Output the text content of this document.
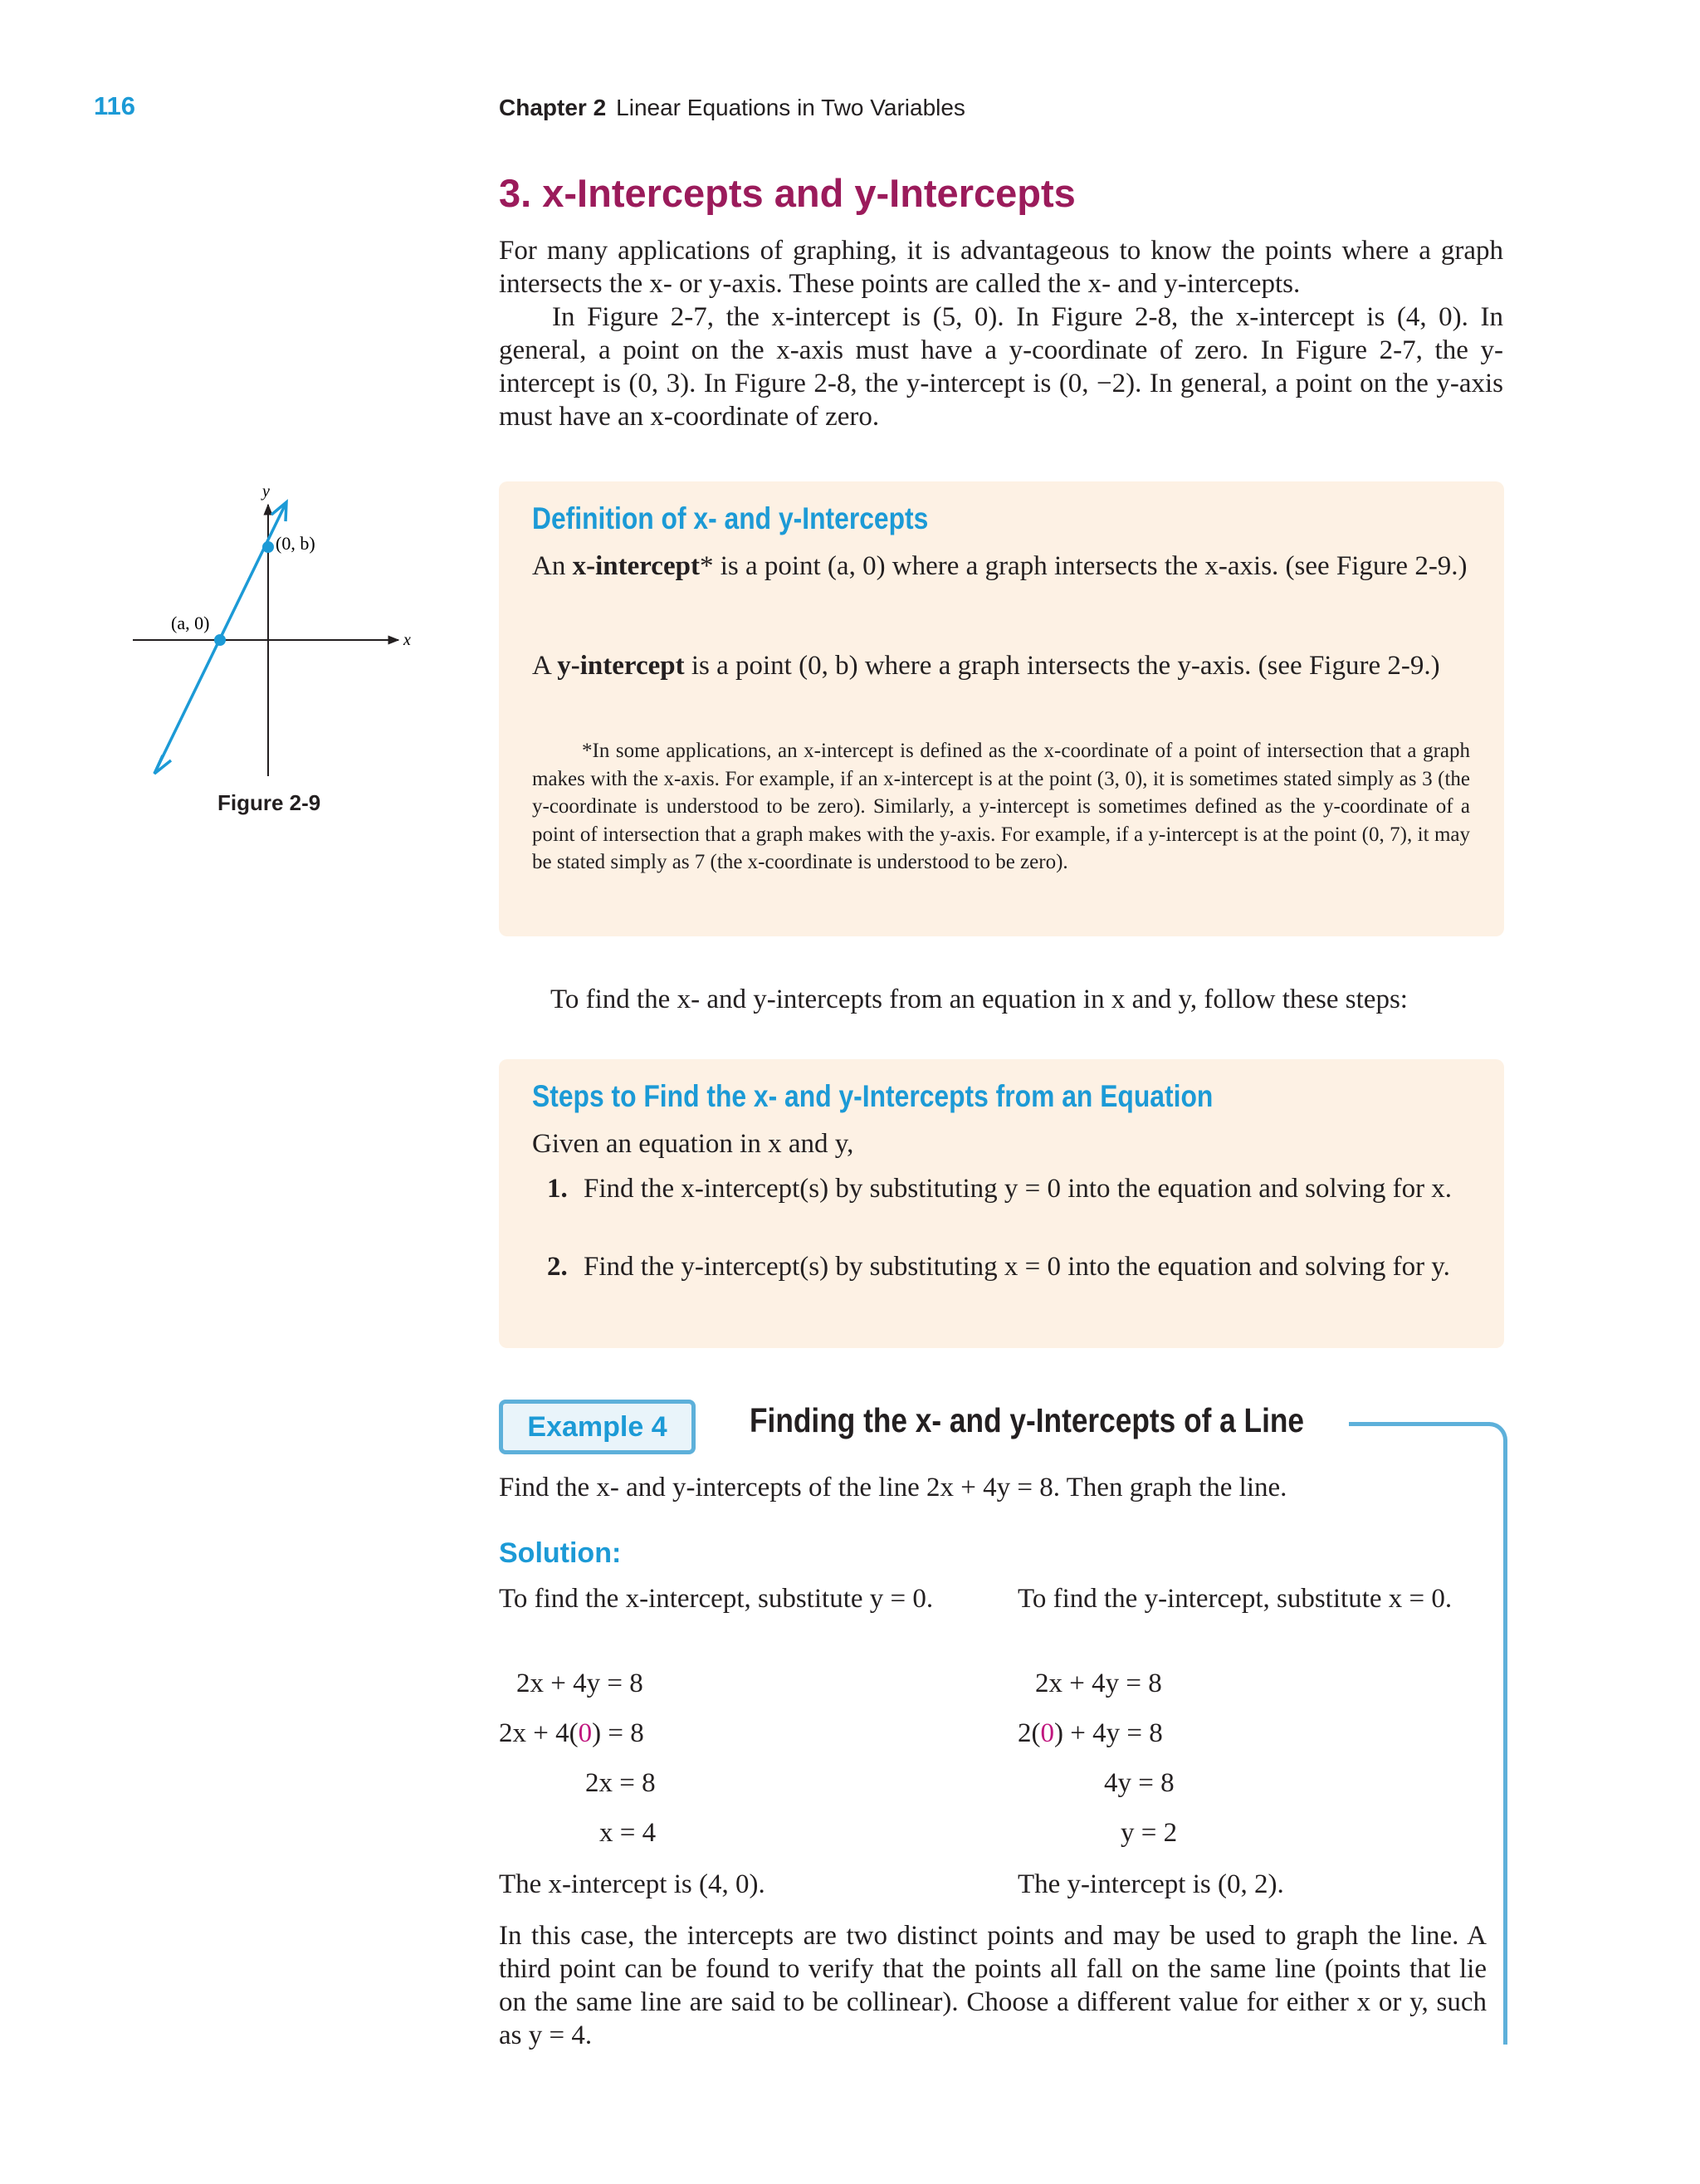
116	Chapter 2 Linear Equations in Two Variables
3. x-Intercepts and y-Intercepts
For many applications of graphing, it is advantageous to know the points where a graph intersects the x- or y-axis. These points are called the x- and y-intercepts.
In Figure 2-7, the x-intercept is (5, 0). In Figure 2-8, the x-intercept is (4, 0). In general, a point on the x-axis must have a y-coordinate of zero. In Figure 2-7, the y-intercept is (0, 3). In Figure 2-8, the y-intercept is (0, −2). In general, a point on the y-axis must have an x-coordinate of zero.
(0, b)
(a, 0)
x
y
Figure 2-9
Definition of x- and y-Intercepts
An x-intercept* is a point (a, 0) where a graph intersects the x-axis. (see Figure 2-9.)
A y-intercept is a point (0, b) where a graph intersects the y-axis. (see Figure 2-9.)
*In some applications, an x-intercept is defined as the x-coordinate of a point of intersection that a graph makes with the x-axis. For example, if an x-intercept is at the point (3, 0), it is sometimes stated simply as 3 (the y-coordinate is understood to be zero). Similarly, a y-intercept is sometimes defined as the y-coordinate of a point of intersection that a graph makes with the y-axis. For example, if a y-intercept is at the point (0, 7), it may be stated simply as 7 (the x-coordinate is understood to be zero).
To find the x- and y-intercepts from an equation in x and y, follow these steps:
Steps to Find the x- and y-Intercepts from an Equation
Given an equation in x and y,
1. Find the x-intercept(s) by substituting y = 0 into the equation and solving for x.
2. Find the y-intercept(s) by substituting x = 0 into the equation and solving for y.
Example 4	Finding the x- and y-Intercepts of a Line
Find the x- and y-intercepts of the line 2x + 4y = 8. Then graph the line.
Solution:
To find the x-intercept, substitute y = 0.
2x + 4y = 8
2x + 4(0) = 8
2x = 8
x = 4
The x-intercept is (4, 0).
To find the y-intercept, substitute x = 0.
2x + 4y = 8
2(0) + 4y = 8
4y = 8
y = 2
The y-intercept is (0, 2).
In this case, the intercepts are two distinct points and may be used to graph the line. A third point can be found to verify that the points all fall on the same line (points that lie on the same line are said to be collinear). Choose a different value for either x or y, such as y = 4.
